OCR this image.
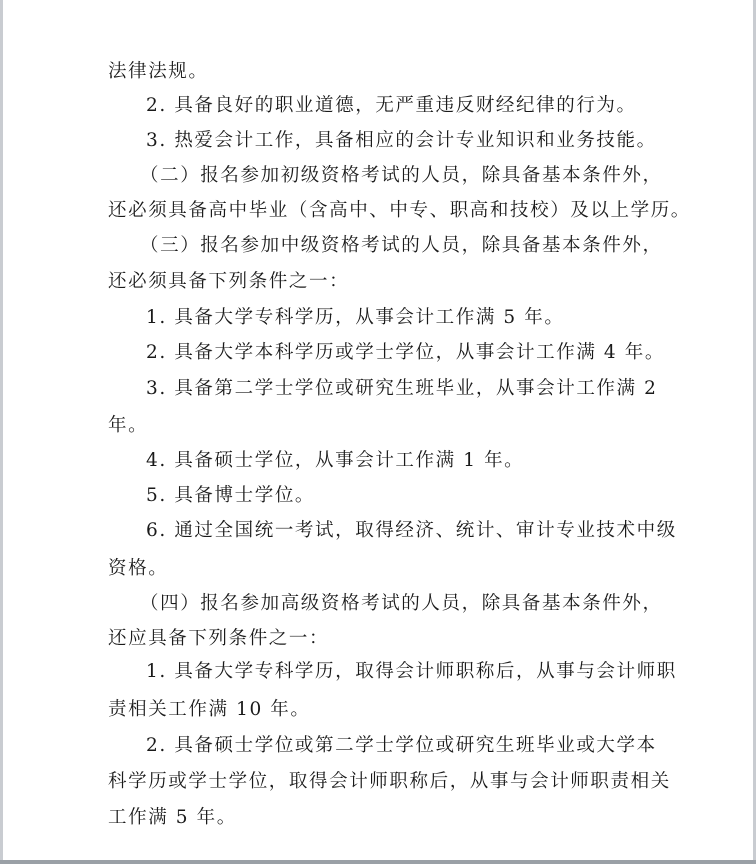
法律法规。
2. 具备良好的职业道德，无严重违反财经纪律的行为。
3. 热爱会计工作，具备相应的会计专业知识和业务技能。
（二）报名参加初级资格考试的人员，除具备基本条件外，
还必须具备高中毕业（含高中、中专、职高和技校）及以上学历。
（三）报名参加中级资格考试的人员，除具备基本条件外，
还必须具备下列条件之一：
1. 具备大学专科学历，从事会计工作满 5 年。
2. 具备大学本科学历或学士学位，从事会计工作满 4 年。
3. 具备第二学士学位或研究生班毕业，从事会计工作满 2
年。
4. 具备硕士学位，从事会计工作满 1 年。
5. 具备博士学位。
6. 通过全国统一考试，取得经济、统计、审计专业技术中级
资格。
（四）报名参加高级资格考试的人员，除具备基本条件外，
还应具备下列条件之一：
1. 具备大学专科学历，取得会计师职称后，从事与会计师职
责相关工作满 10 年。
2. 具备硕士学位或第二学士学位或研究生班毕业或大学本
科学历或学士学位，取得会计师职称后，从事与会计师职责相关
工作满 5 年。
